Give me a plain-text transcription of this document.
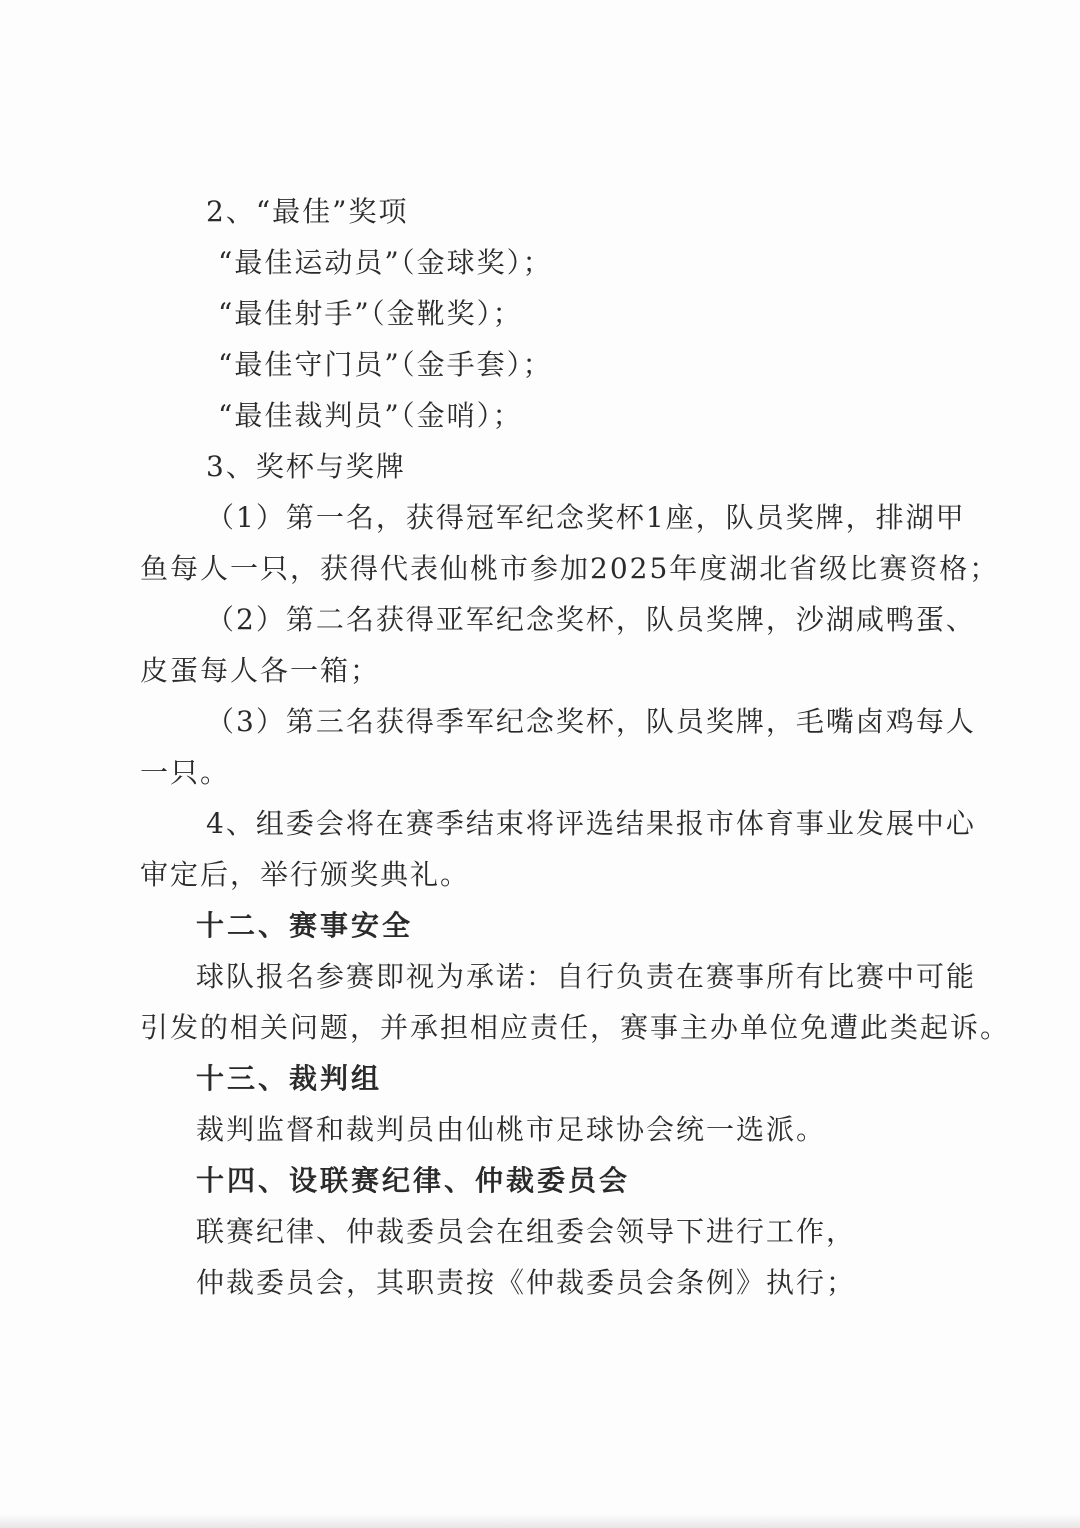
2、“最佳”奖项
“最佳运动员”（金球奖）；
“最佳射手”（金靴奖）；
“最佳守门员”（金手套）；
“最佳裁判员”（金哨）；
3、奖杯与奖牌
（1）第一名，获得冠军纪念奖杯1座，队员奖牌，排湖甲
鱼每人一只，获得代表仙桃市参加2025年度湖北省级比赛资格；
（2）第二名获得亚军纪念奖杯，队员奖牌，沙湖咸鸭蛋、
皮蛋每人各一箱；
（3）第三名获得季军纪念奖杯，队员奖牌，毛嘴卤鸡每人
一只。
4、组委会将在赛季结束将评选结果报市体育事业发展中心
审定后，举行颁奖典礼。
十二、赛事安全
球队报名参赛即视为承诺：自行负责在赛事所有比赛中可能
引发的相关问题，并承担相应责任，赛事主办单位免遭此类起诉。
十三、裁判组
裁判监督和裁判员由仙桃市足球协会统一选派。
十四、设联赛纪律、仲裁委员会
联赛纪律、仲裁委员会在组委会领导下进行工作，
仲裁委员会，其职责按《仲裁委员会条例》执行；
